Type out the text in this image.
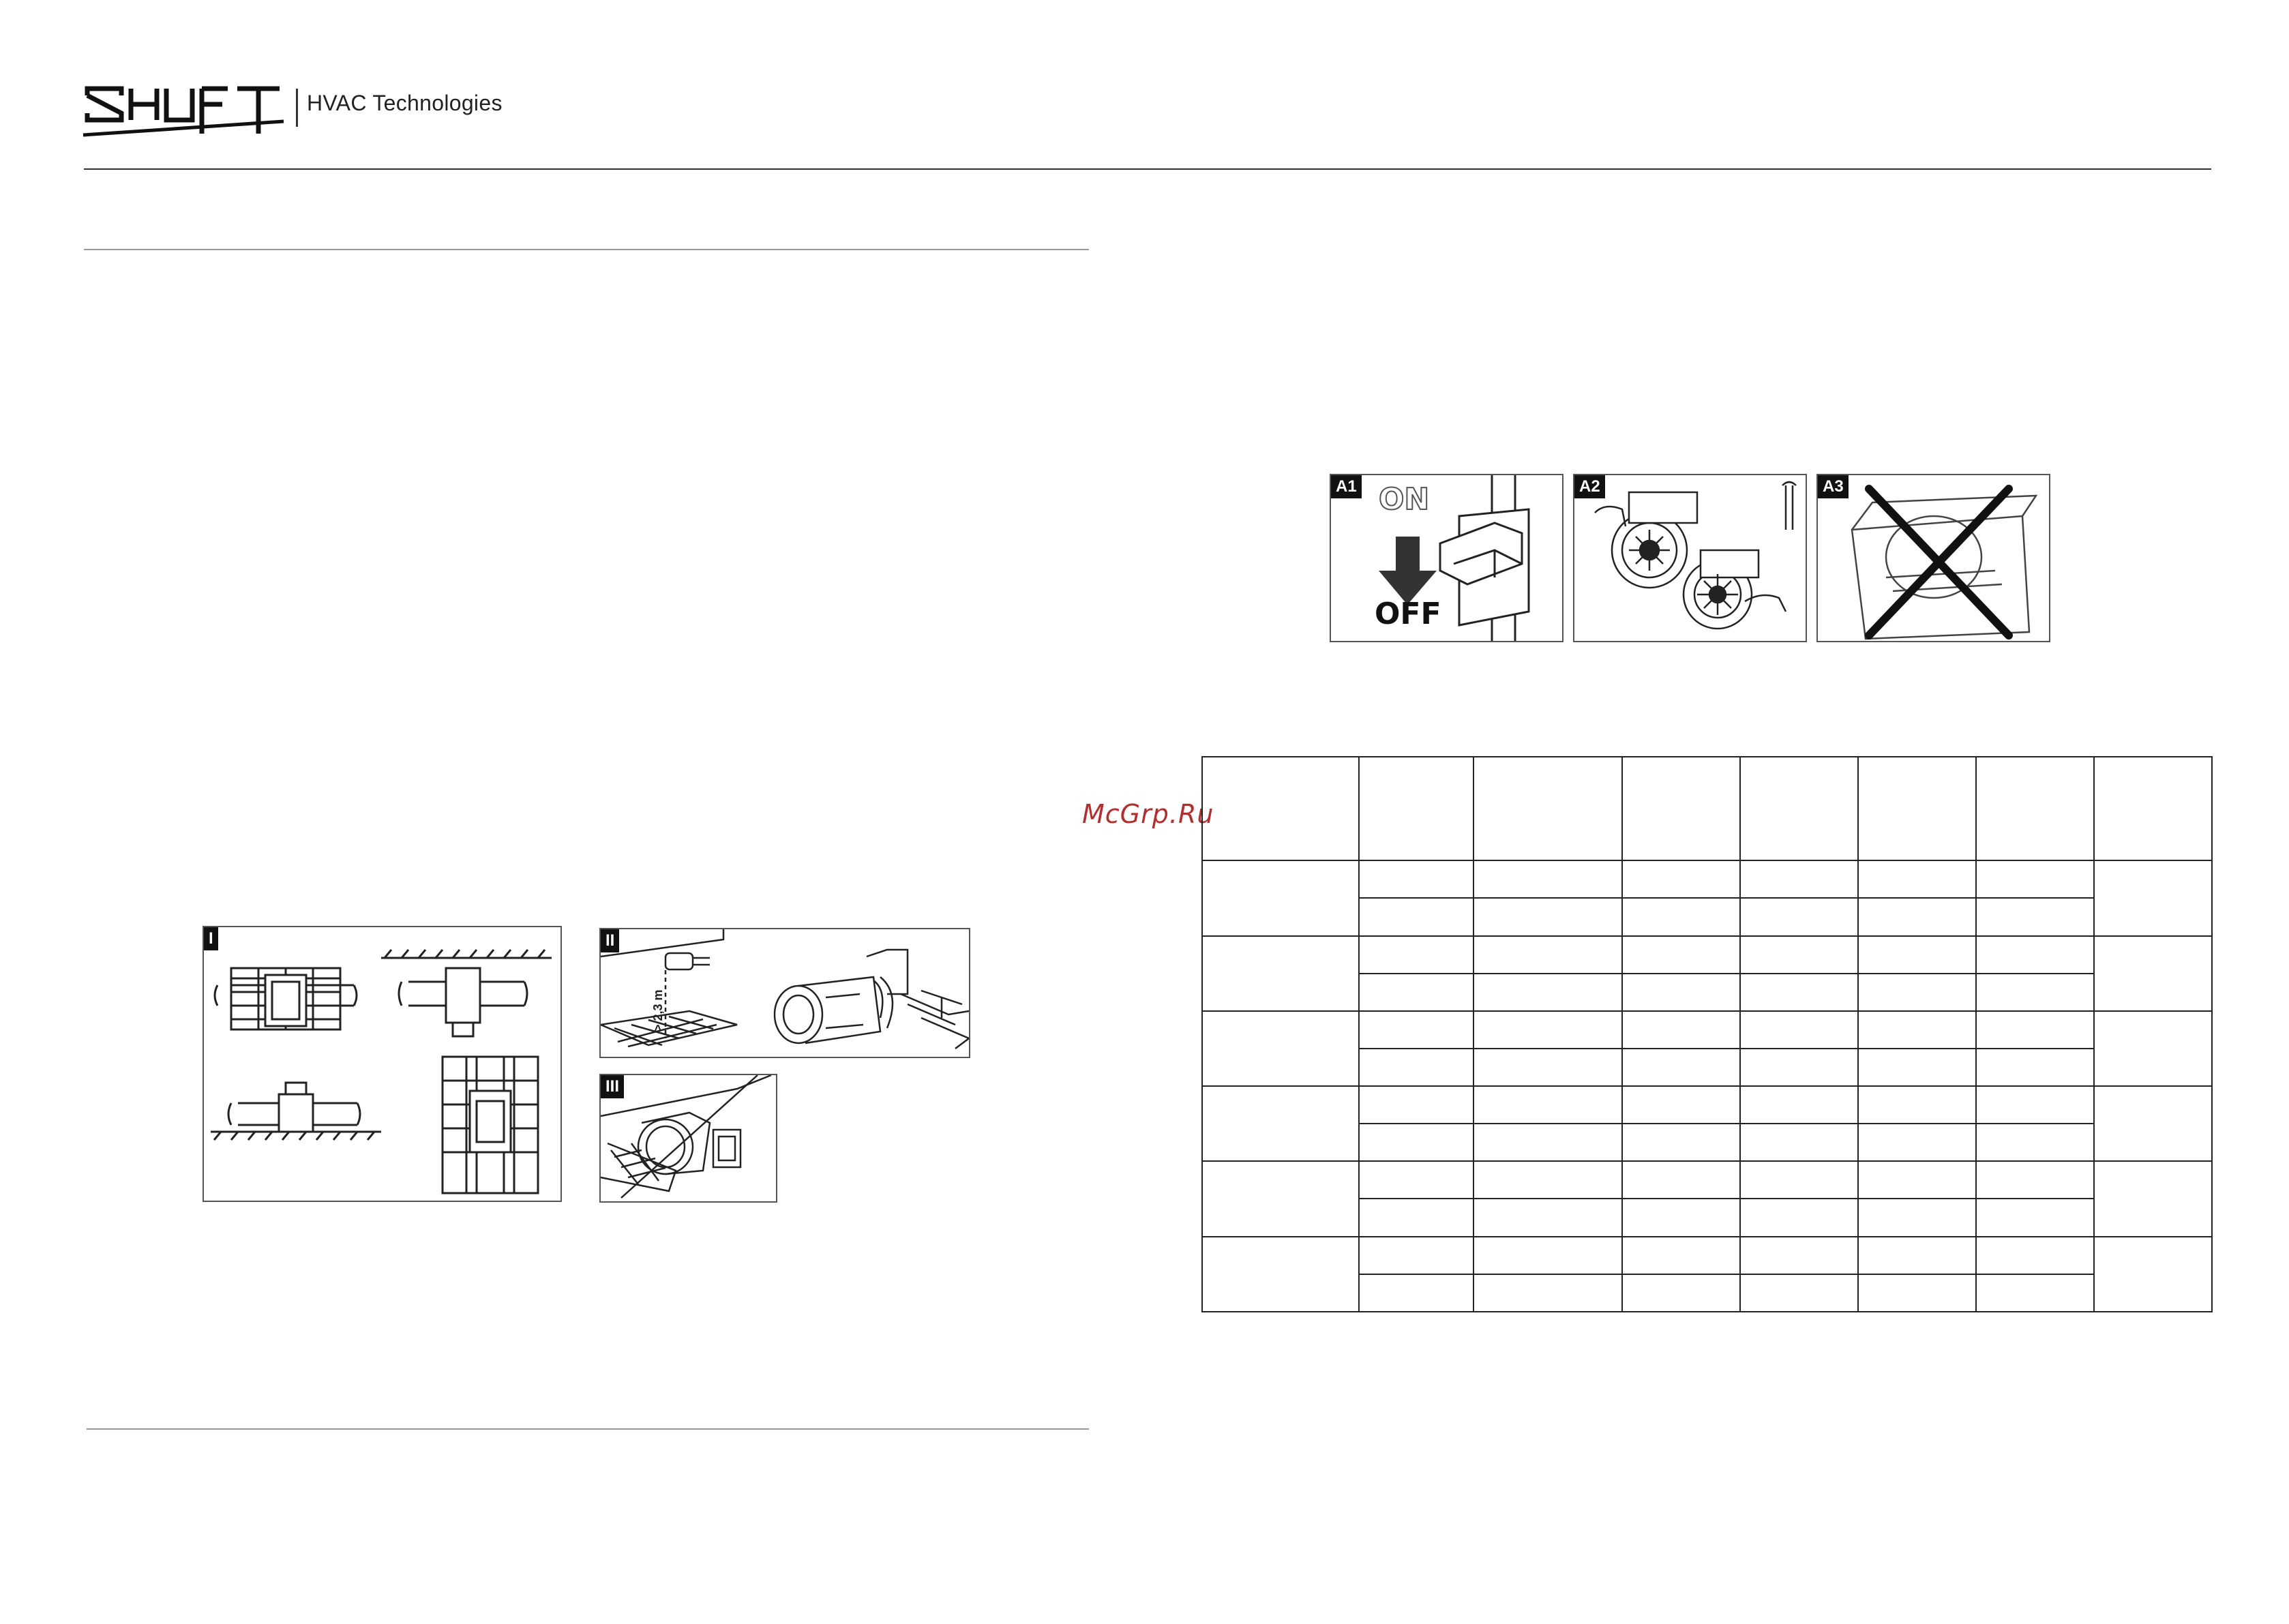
HVAC Technologies
McGrp.Ru
I	II
> 2,3 m
III
A1 ON
OFF
A2	A3
